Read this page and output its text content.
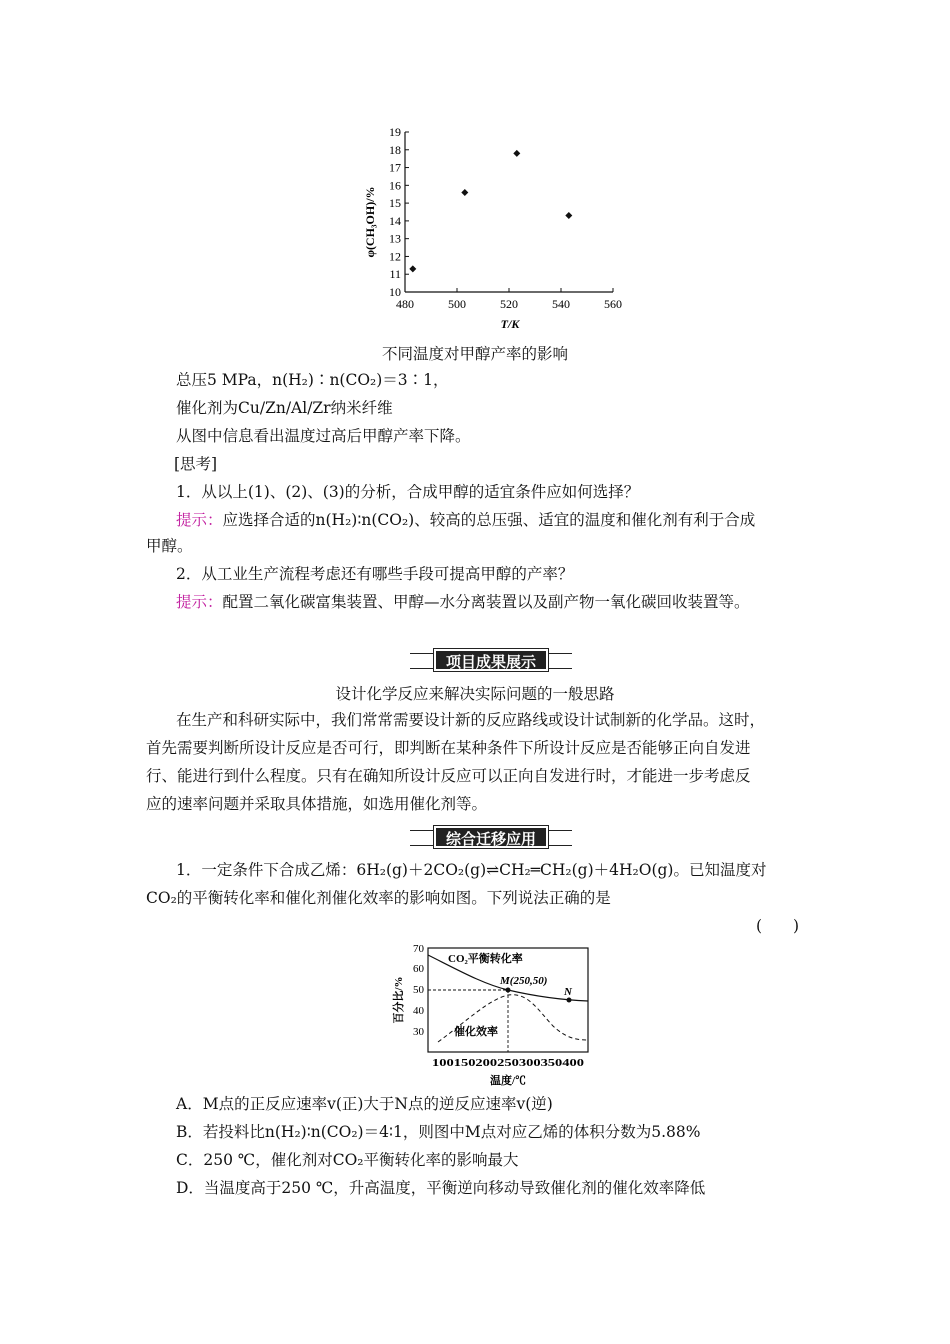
10
11
12
13
14
15
16
17
18
19
480	500	520	540	560
φ(CH₃OH)/%
T/K
不同温度对甲醇产率的影响
总压5 MPa，n(H₂)∶n(CO₂)＝3∶1，
催化剂为Cu/Zn/Al/Zr纳米纤维
从图中信息看出温度过高后甲醇产率下降。
[思考]
1．从以上(1)、(2)、(3)的分析，合成甲醇的适宜条件应如何选择？
提示：应选择合适的n(H₂)∶n(CO₂)、较高的总压强、适宜的温度和催化剂有利于合成
甲醇。
2．从工业生产流程考虑还有哪些手段可提高甲醇的产率？
提示：配置二氧化碳富集装置、甲醇—水分离装置以及副产物一氧化碳回收装置等。
项目成果展示
设计化学反应来解决实际问题的一般思路
在生产和科研实际中，我们常常需要设计新的反应路线或设计试制新的化学品。这时，
首先需要判断所设计反应是否可行，即判断在某种条件下所设计反应是否能够正向自发进
行、能进行到什么程度。只有在确知所设计反应可以正向自发进行时，才能进一步考虑反
应的速率问题并采取具体措施，如选用催化剂等。
综合迁移应用
1．一定条件下合成乙烯：6H₂(g)＋2CO₂(g)⇌CH₂═CH₂(g)＋4H₂O(g)。已知温度对
CO₂的平衡转化率和催化剂催化效率的影响如图。下列说法正确的是
(　　)
70
60
50
40
30
百分比/%
100150200250300350400
温度/℃
CO₂平衡转化率
M(250,50)
N
催化效率
A．M点的正反应速率v(正)大于N点的逆反应速率v(逆)
B．若投料比n(H₂)∶n(CO₂)＝4∶1，则图中M点对应乙烯的体积分数为5.88%
C．250 ℃，催化剂对CO₂平衡转化率的影响最大
D．当温度高于250 ℃，升高温度，平衡逆向移动导致催化剂的催化效率降低
